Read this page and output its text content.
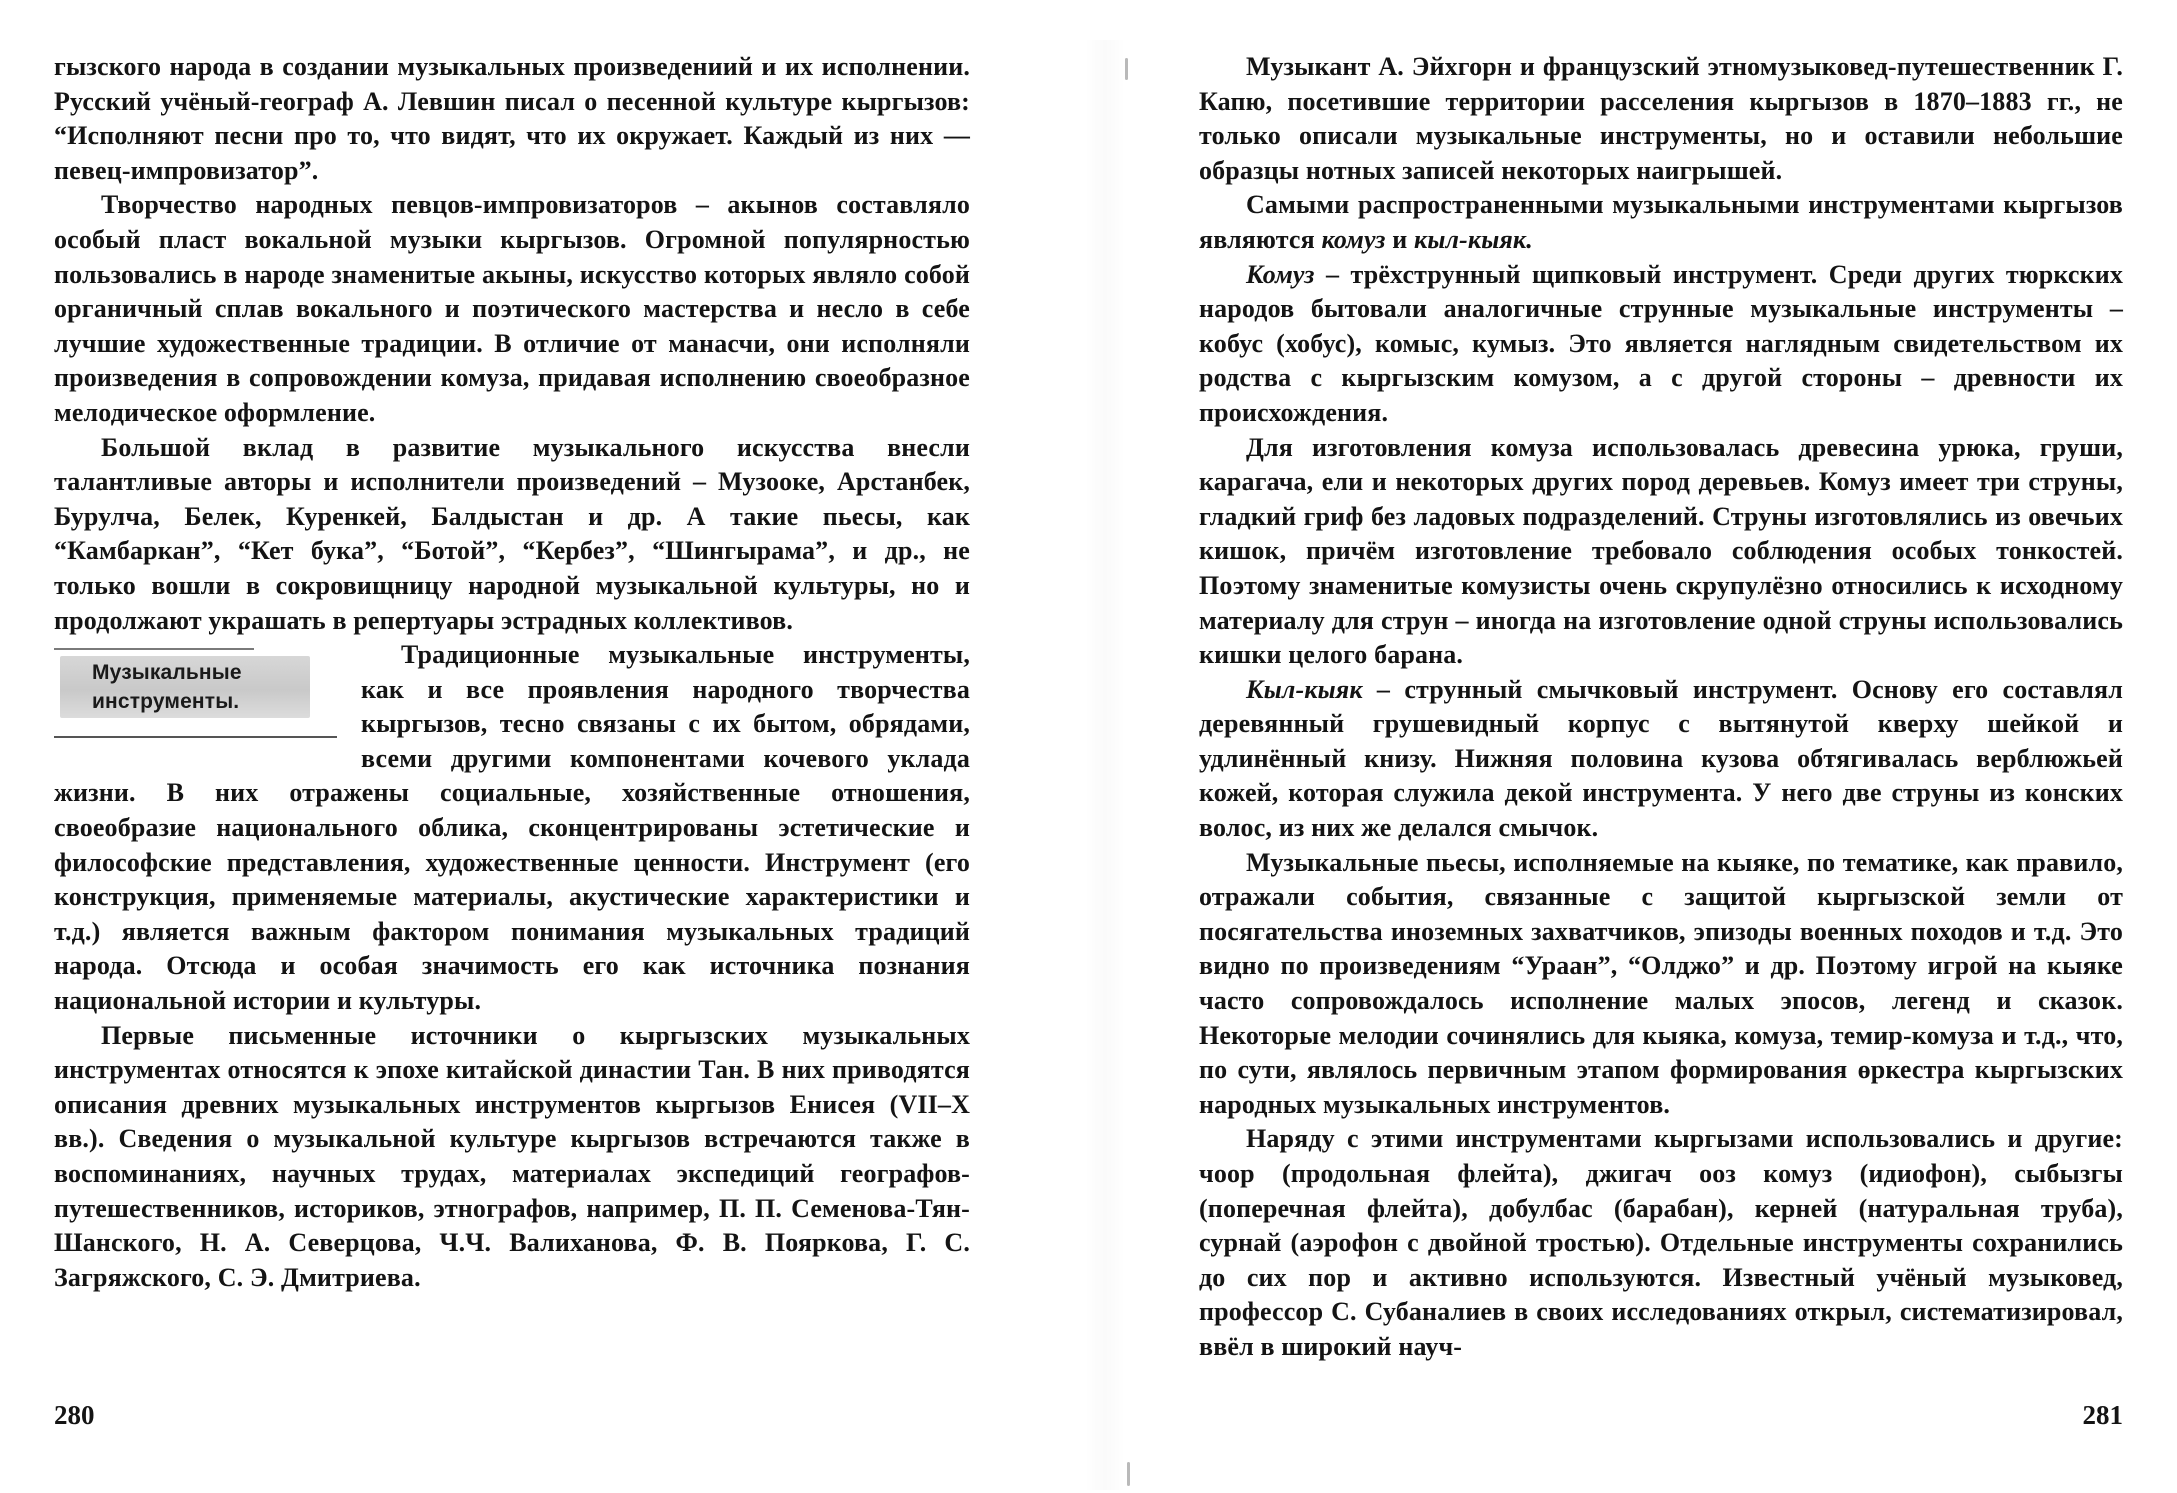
гызского народа в создании музыкальных произведениий и их исполнении. Русский учёный-географ А. Левшин писал о песенной культуре кыргызов: “Исполняют песни про то, что видят, что их окружает. Каждый из них — певец-импровизатор”.

Творчество народных певцов-импровизаторов – акынов составляло особый пласт вокальной музыки кыргызов. Огромной популярностью пользовались в народе знаменитые акыны, искусство которых являло собой органичный сплав вокального и поэтического мастерства и несло в себе лучшие художественные традиции. В отличие от манасчи, они исполняли произведения в сопровождении комуза, придавая исполнению своеобразное мелодическое оформление.

Большой вклад в развитие музыкального искусства внесли талантливые авторы и исполнители произведений – Музооке, Арстанбек, Бурулча, Белек, Куренкей, Балдыстан и др. А такие пьесы, как “Камбаркан”, “Кет бука”, “Ботой”, “Кербез”, “Шингырама”, и др., не только вошли в сокровищницу народной музыкальной культуры, но и продолжают украшать в репертуары эстрадных коллективов.

Музыкальные инструменты.

Традиционные музыкальные инструменты, как и все проявления народного творчества кыргызов, тесно связаны с их бытом, обрядами, всеми другими компонентами кочевого уклада жизни. В них отражены социальные, хозяйственные отношения, своеобразие национального облика, сконцентрированы эстетические и философские представления, художественные ценности. Инструмент (его конструкция, применяемые материалы, акустические характеристики и т.д.) является важным фактором понимания музыкальных традиций народа. Отсюда и особая значимость его как источника познания национальной истории и культуры.

Первые письменные источники о кыргызских музыкальных инструментах относятся к эпохе китайской династии Тан. В них приводятся описания древних музыкальных инструментов кыргызов Енисея (VII–X вв.). Сведения о музыкальной культуре кыргызов встречаются также в воспоминаниях, научных трудах, материалах экспедиций географов-путешественников, историков, этнографов, например, П. П. Семенова-Тян-Шанского, Н. А. Северцова, Ч.Ч. Валиханова, Ф. В. Пояркова, Г. С. Загряжского, С. Э. Дмитриева.

280

Музыкант А. Эйхгорн и французский этномузыковед-путешественник Г. Капю, посетившие территории расселения кыргызов в 1870–1883 гг., не только описали музыкальные инструменты, но и оставили небольшие образцы нотных записей некоторых наигрышей.

Самыми распространенными музыкальными инструментами кыргызов являются комуз и кыл-кыяк.

Комуз – трёхструнный щипковый инструмент. Среди других тюркских народов бытовали аналогичные струнные музыкальные инструменты – кобус (хобус), комыс, кумыз. Это является наглядным свидетельством их родства с кыргызским комузом, а с другой стороны – древности их происхождения.

Для изготовления комуза использовалась древесина урюка, груши, карагача, ели и некоторых других пород деревьев. Комуз имеет три струны, гладкий гриф без ладовых подразделений. Струны изготовлялись из овечьих кишок, причём изготовление требовало соблюдения особых тонкостей. Поэтому знаменитые комузисты очень скрупулёзно относились к исходному материалу для струн – иногда на изготовление одной струны использовались кишки целого барана.

Кыл-кыяк – струнный смычковый инструмент. Основу его составлял деревянный грушевидный корпус с вытянутой кверху шейкой и удлинённый книзу. Нижняя половина кузова обтягивалась верблюжьей кожей, которая служила декой инструмента. У него две струны из конских волос, из них же делался смычок.

Музыкальные пьесы, исполняемые на кыяке, по тематике, как правило, отражали события, связанные с защитой кыргызской земли от посягательства иноземных захватчиков, эпизоды военных походов и т.д. Это видно по произведениям “Ураан”, “Олджо” и др. Поэтому игрой на кыяке часто сопровождалось исполнение малых эпосов, легенд и сказок. Некоторые мелодии сочинялись для кыяка, комуза, темир-комуза и т.д., что, по сути, являлось первичным этапом формирования өркестра кыргызских народных музыкальных инструментов.

Наряду с этими инструментами кыргызами использовались и другие: чоор (продольная флейта), джигач ооз комуз (идиофон), сыбызгы (поперечная флейта), добулбас (барабан), керней (натуральная труба), сурнай (аэрофон с двойной тростью). Отдельные инструменты сохранились до сих пор и активно используются. Известный учёный музыковед, профессор С. Субаналиев в своих исследованиях открыл, систематизировал, ввёл в широкий науч-

281
